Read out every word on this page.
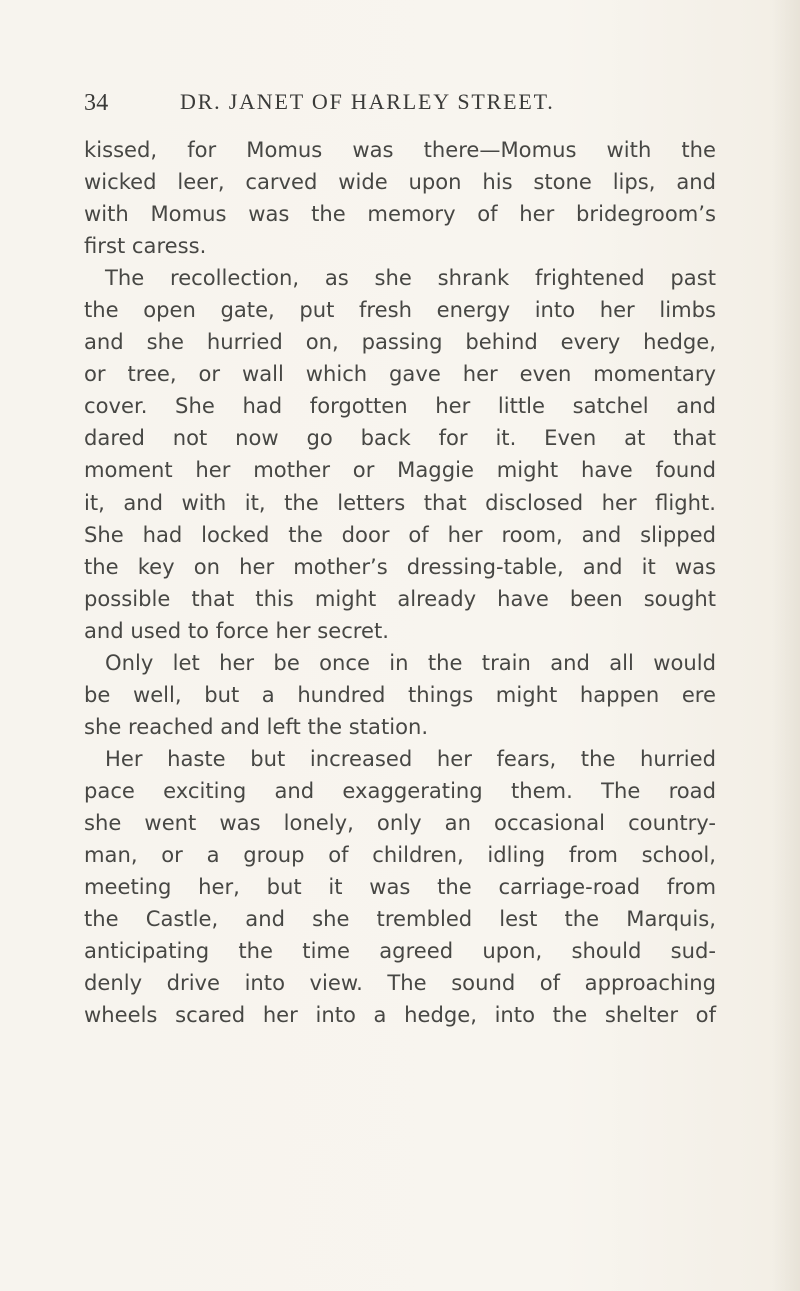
34	DR. JANET OF HARLEY STREET.
kissed, for Momus was there—Momus with the
wicked leer, carved wide upon his stone lips, and
with Momus was the memory of her bridegroom’s
first caress.
The recollection, as she shrank frightened past
the open gate, put fresh energy into her limbs
and she hurried on, passing behind every hedge,
or tree, or wall which gave her even momentary
cover. She had forgotten her little satchel and
dared not now go back for it. Even at that
moment her mother or Maggie might have found
it, and with it, the letters that disclosed her flight.
She had locked the door of her room, and slipped
the key on her mother’s dressing-table, and it was
possible that this might already have been sought
and used to force her secret.
Only let her be once in the train and all would
be well, but a hundred things might happen ere
she reached and left the station.
Her haste but increased her fears, the hurried
pace exciting and exaggerating them. The road
she went was lonely, only an occasional country-
man, or a group of children, idling from school,
meeting her, but it was the carriage-road from
the Castle, and she trembled lest the Marquis,
anticipating the time agreed upon, should sud-
denly drive into view. The sound of approaching
wheels scared her into a hedge, into the shelter of
